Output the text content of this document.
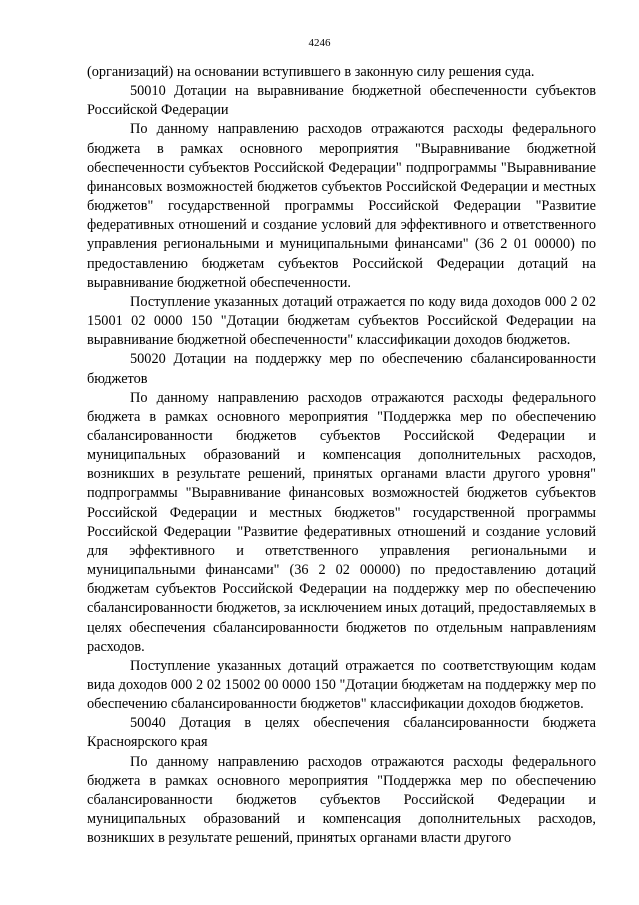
4246

(организаций) на основании вступившего в законную силу решения суда.

50010 Дотации на выравнивание бюджетной обеспеченности субъектов Российской Федерации

По данному направлению расходов отражаются расходы федерального бюджета в рамках основного мероприятия "Выравнивание бюджетной обеспеченности субъектов Российской Федерации" подпрограммы "Выравнивание финансовых возможностей бюджетов субъектов Российской Федерации и местных бюджетов" государственной программы Российской Федерации "Развитие федеративных отношений и создание условий для эффективного и ответственного управления региональными и муниципальными финансами" (36 2 01 00000) по предоставлению бюджетам субъектов Российской Федерации дотаций на выравнивание бюджетной обеспеченности.

Поступление указанных дотаций отражается по коду вида доходов 000 2 02 15001 02 0000 150 "Дотации бюджетам субъектов Российской Федерации на выравнивание бюджетной обеспеченности" классификации доходов бюджетов.

50020 Дотации на поддержку мер по обеспечению сбалансированности бюджетов

По данному направлению расходов отражаются расходы федерального бюджета в рамках основного мероприятия "Поддержка мер по обеспечению сбалансированности бюджетов субъектов Российской Федерации и муниципальных образований и компенсация дополнительных расходов, возникших в результате решений, принятых органами власти другого уровня" подпрограммы "Выравнивание финансовых возможностей бюджетов субъектов Российской Федерации и местных бюджетов" государственной программы Российской Федерации "Развитие федеративных отношений и создание условий для эффективного и ответственного управления региональными и муниципальными финансами" (36 2 02 00000) по предоставлению дотаций бюджетам субъектов Российской Федерации на поддержку мер по обеспечению сбалансированности бюджетов, за исключением иных дотаций, предоставляемых в целях обеспечения сбалансированности бюджетов по отдельным направлениям расходов.

Поступление указанных дотаций отражается по соответствующим кодам вида доходов 000 2 02 15002 00 0000 150 "Дотации бюджетам на поддержку мер по обеспечению сбалансированности бюджетов" классификации доходов бюджетов.

50040 Дотация в целях обеспечения сбалансированности бюджета Красноярского края

По данному направлению расходов отражаются расходы федерального бюджета в рамках основного мероприятия "Поддержка мер по обеспечению сбалансированности бюджетов субъектов Российской Федерации и муниципальных образований и компенсация дополнительных расходов, возникших в результате решений, принятых органами власти другого
